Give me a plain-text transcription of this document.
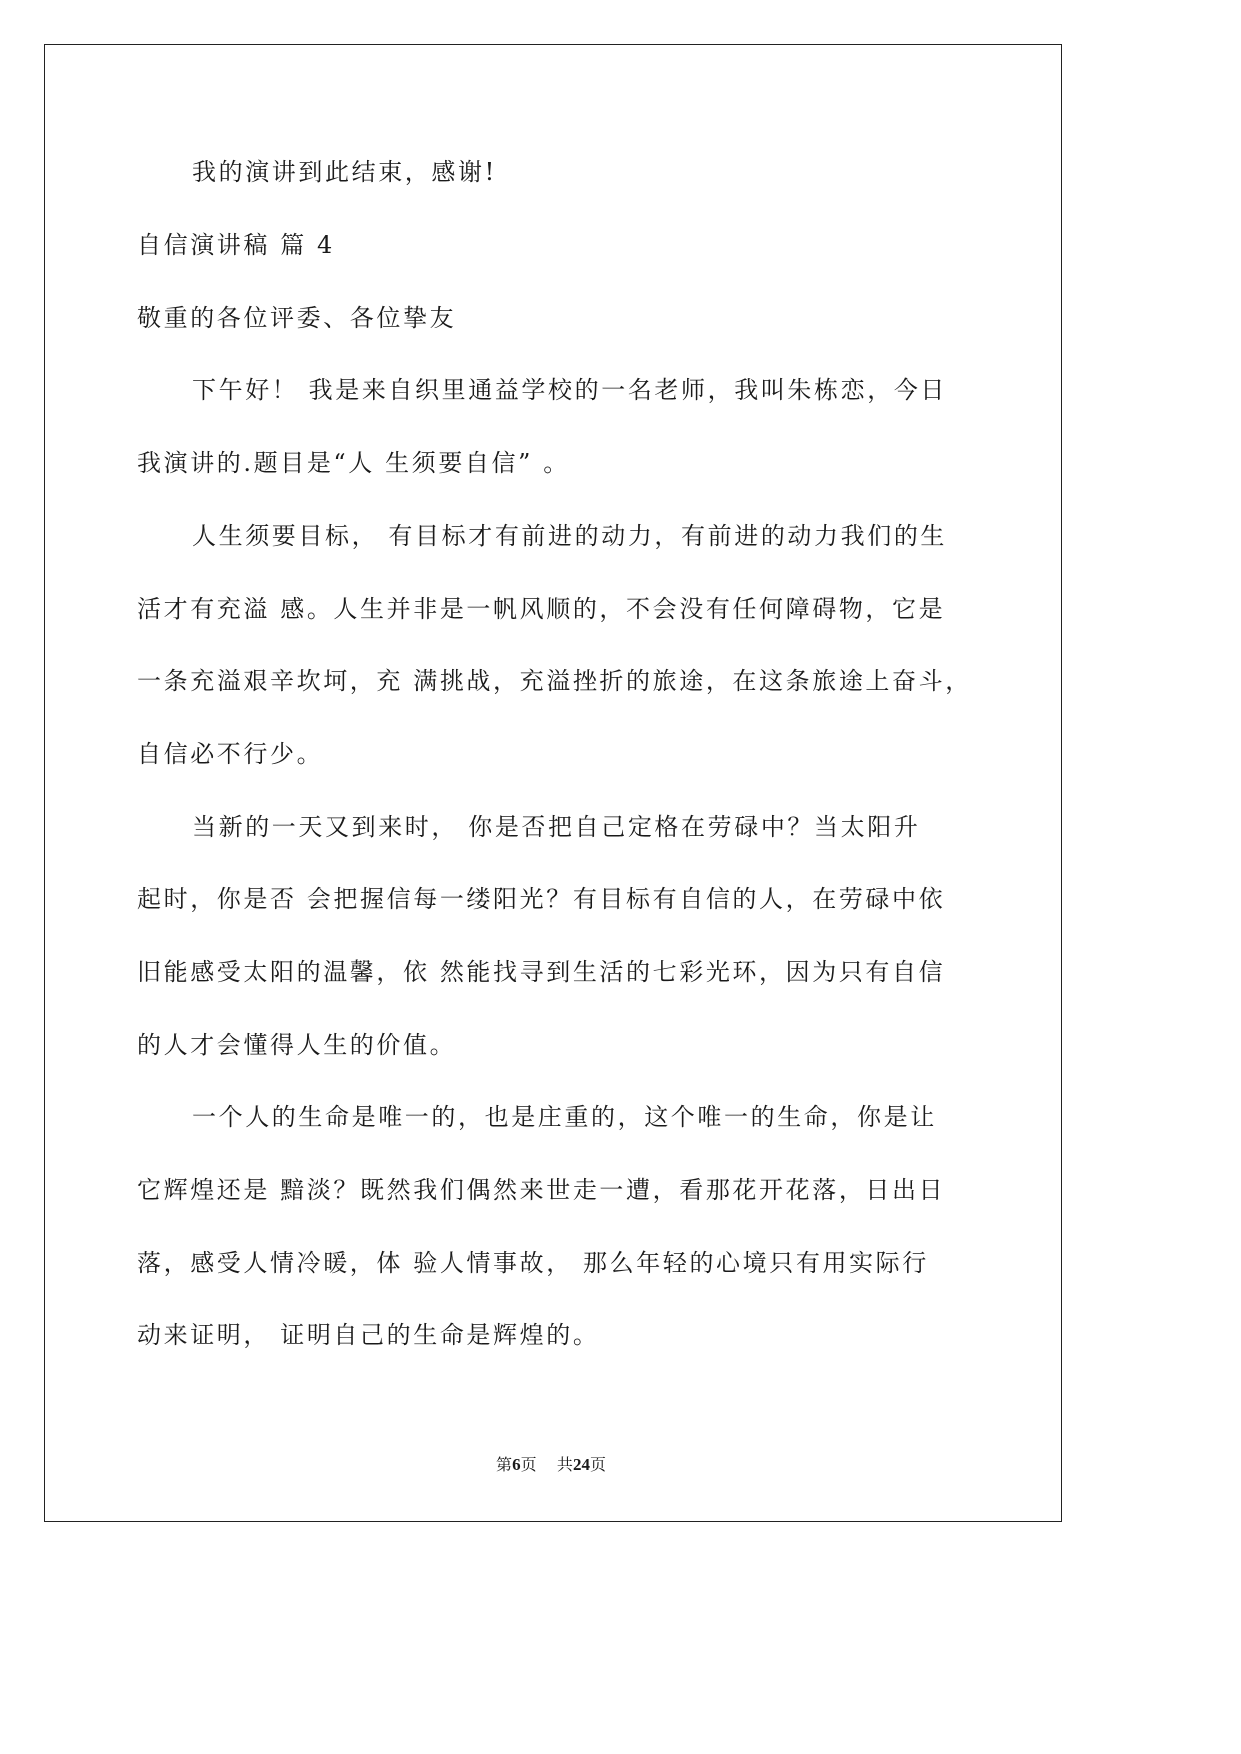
我的演讲到此结束，感谢!
自信演讲稿 篇 4
敬重的各位评委、各位挚友
下午好！ 我是来自织里通益学校的一名老师，我叫朱栋恋，今日
我演讲的.题目是“人 生须要自信” 。
人生须要目标， 有目标才有前进的动力，有前进的动力我们的生
活才有充溢 感。人生并非是一帆风顺的，不会没有任何障碍物，它是
一条充溢艰辛坎坷，充 满挑战，充溢挫折的旅途，在这条旅途上奋斗，
自信必不行少。
当新的一天又到来时， 你是否把自己定格在劳碌中？当太阳升
起时，你是否 会把握信每一缕阳光？有目标有自信的人，在劳碌中依
旧能感受太阳的温馨，依 然能找寻到生活的七彩光环，因为只有自信
的人才会懂得人生的价值。
一个人的生命是唯一的，也是庄重的，这个唯一的生命，你是让
它辉煌还是 黯淡？既然我们偶然来世走一遭，看那花开花落，日出日
落，感受人情冷暖，体 验人情事故， 那么年轻的心境只有用实际行
动来证明， 证明自己的生命是辉煌的。
第6页 共24页
